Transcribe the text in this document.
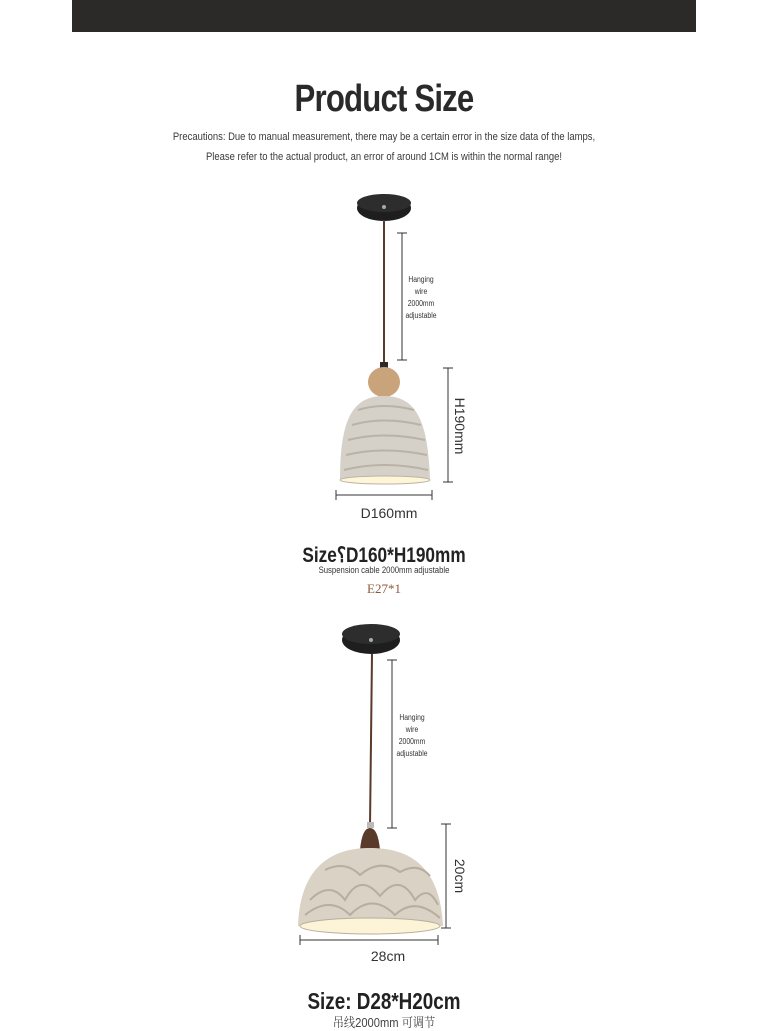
Product Size
Precautions: Due to manual measurement, there may be a certain error in the size data of the lamps,
Please refer to the actual product, an error of around 1CM is within the normal range!
Hanging
wire
2000mm
adjustable
H190mm
D160mm
Size⸮D160*H190mm
Suspension cable 2000mm adjustable
E27*1
Hanging
wire
2000mm
adjustable
20cm
28cm
Size: D28*H20cm
吊线2000mm 可调节
